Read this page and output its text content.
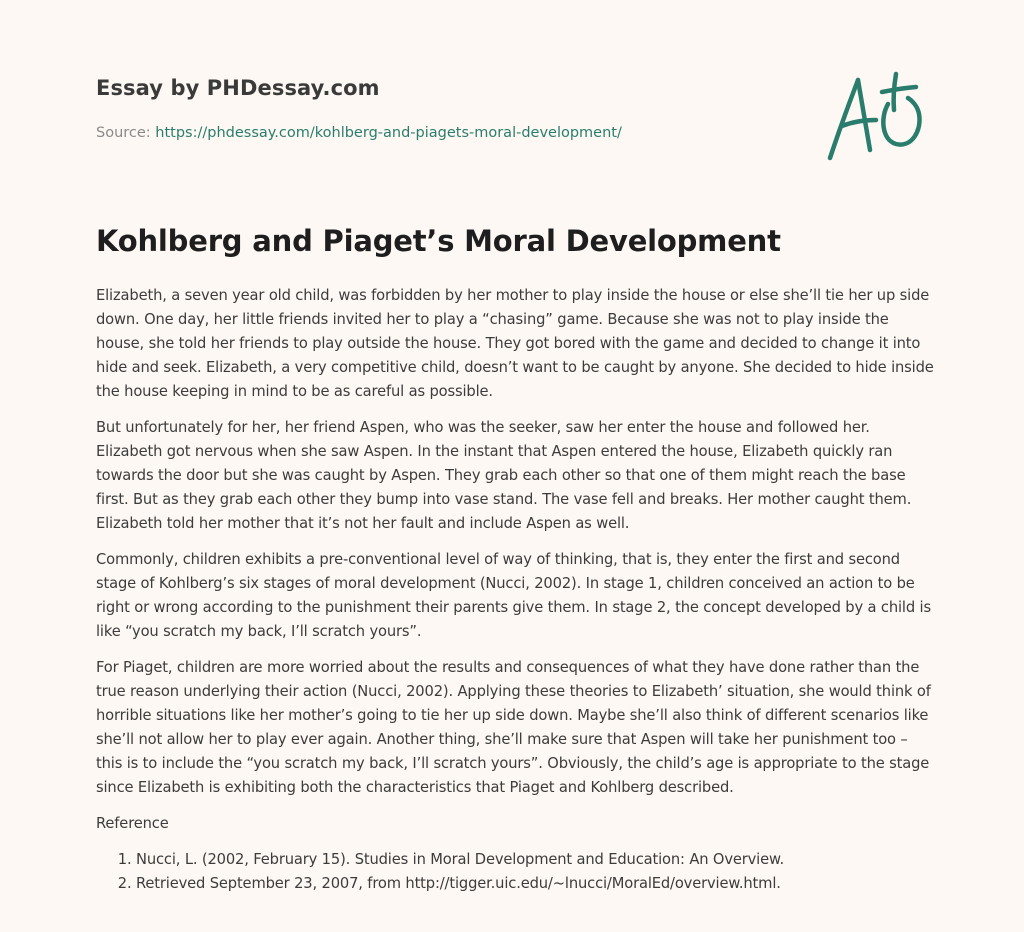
Essay by PHDessay.com
Source: https://phdessay.com/kohlberg-and-piagets-moral-development/
Kohlberg and Piaget’s Moral Development

Elizabeth, a seven year old child, was forbidden by her mother to play inside the house or else she’ll tie her up side down. One day, her little friends invited her to play a “chasing” game. Because she was not to play inside the house, she told her friends to play outside the house. They got bored with the game and decided to change it into hide and seek. Elizabeth, a very competitive child, doesn’t want to be caught by anyone. She decided to hide inside the house keeping in mind to be as careful as possible.

But unfortunately for her, her friend Aspen, who was the seeker, saw her enter the house and followed her. Elizabeth got nervous when she saw Aspen. In the instant that Aspen entered the house, Elizabeth quickly ran towards the door but she was caught by Aspen. They grab each other so that one of them might reach the base first. But as they grab each other they bump into vase stand. The vase fell and breaks. Her mother caught them. Elizabeth told her mother that it’s not her fault and include Aspen as well.

Commonly, children exhibits a pre-conventional level of way of thinking, that is, they enter the first and second stage of Kohlberg’s six stages of moral development (Nucci, 2002). In stage 1, children conceived an action to be right or wrong according to the punishment their parents give them. In stage 2, the concept developed by a child is like “you scratch my back, I’ll scratch yours”.

For Piaget, children are more worried about the results and consequences of what they have done rather than the true reason underlying their action (Nucci, 2002). Applying these theories to Elizabeth’ situation, she would think of horrible situations like her mother’s going to tie her up side down. Maybe she’ll also think of different scenarios like she’ll not allow her to play ever again. Another thing, she’ll make sure that Aspen will take her punishment too – this is to include the “you scratch my back, I’ll scratch yours”. Obviously, the child’s age is appropriate to the stage since Elizabeth is exhibiting both the characteristics that Piaget and Kohlberg described.

Reference

1. Nucci, L. (2002, February 15). Studies in Moral Development and Education: An Overview.
2. Retrieved September 23, 2007, from http://tigger.uic.edu/~lnucci/MoralEd/overview.html.
